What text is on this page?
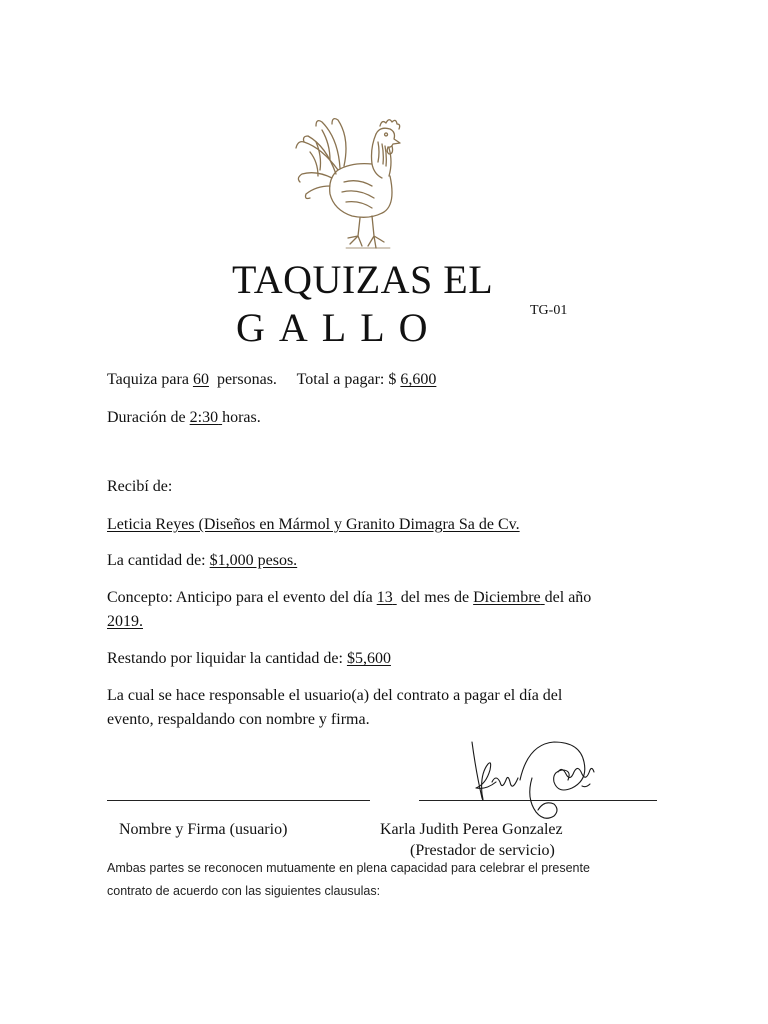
TAQUIZAS EL
GALLO	TG-01
Taquiza para 60 personas. Total a pagar: $ 6,600
Duración de 2:30 horas.
Recibí de:
Leticia Reyes (Diseños en Mármol y Granito Dimagra Sa de Cv.
La cantidad de: $1,000 pesos.
Concepto: Anticipo para el evento del día 13 del mes de Diciembre del año
2019.
Restando por liquidar la cantidad de: $5,600
La cual se hace responsable el usuario(a) del contrato a pagar el día del
evento, respaldando con nombre y firma.
Nombre y Firma (usuario)	Karla Judith Perea Gonzalez
(Prestador de servicio)
Ambas partes se reconocen mutuamente en plena capacidad para celebrar el presente
contrato de acuerdo con las siguientes clausulas:
